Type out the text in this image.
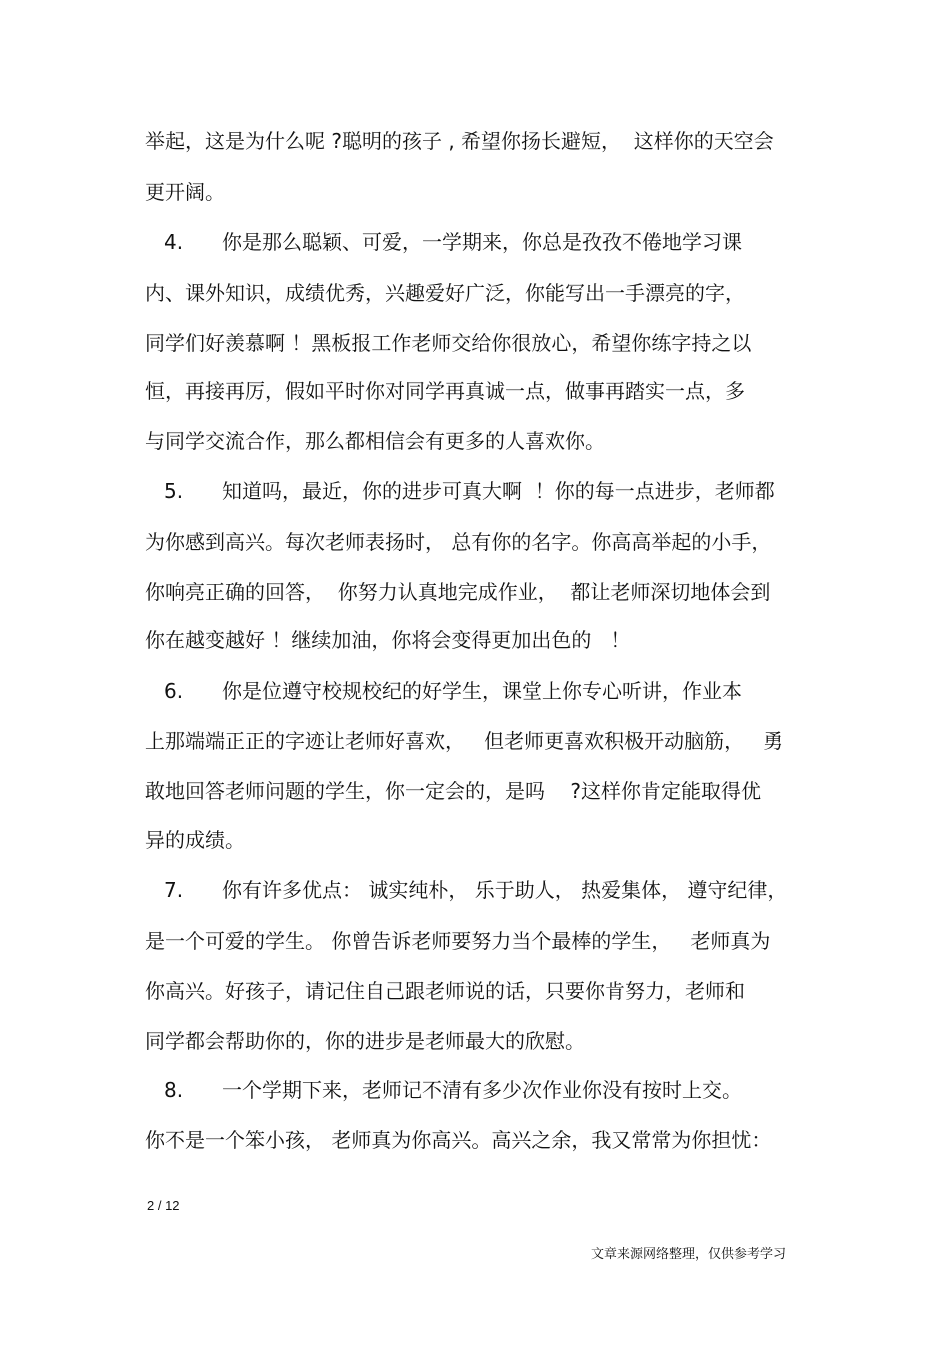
举起，这是为什么呢 ?聪明的孩子 , 希望你扬长避短，  这样你的天空会
更开阔。
4. 你是那么聪颖、可爱，一学期来，你总是孜孜不倦地学习课
内、课外知识，成绩优秀，兴趣爱好广泛，你能写出一手漂亮的字，
同学们好羡慕啊 ！黑板报工作老师交给你很放心，希望你练字持之以
恒，再接再厉，假如平时你对同学再真诚一点，做事再踏实一点，多
与同学交流合作，那么都相信会有更多的人喜欢你。
5. 知道吗，最近，你的进步可真大啊  ！你的每一点进步，老师都
为你感到高兴。每次老师表扬时， 总有你的名字。你高高举起的小手，
你响亮正确的回答，  你努力认真地完成作业，  都让老师深切地体会到
你在越变越好 ！继续加油，你将会变得更加出色的   ！
6. 你是位遵守校规校纪的好学生，课堂上你专心听讲，作业本
上那端端正正的字迹让老师好喜欢，   但老师更喜欢积极开动脑筋，   勇
敢地回答老师问题的学生，你一定会的，是吗    ?这样你肯定能取得优
异的成绩。
7. 你有许多优点： 诚实纯朴， 乐于助人， 热爱集体， 遵守纪律，
是一个可爱的学生。 你曾告诉老师要努力当个最棒的学生，   老师真为
你高兴。好孩子，请记住自己跟老师说的话，只要你肯努力，老师和
同学都会帮助你的，你的进步是老师最大的欣慰。
8. 一个学期下来，老师记不清有多少次作业你没有按时上交。
你不是一个笨小孩， 老师真为你高兴。高兴之余，我又常常为你担忧：
2 / 12
文章来源网络整理，仅供参考学习
